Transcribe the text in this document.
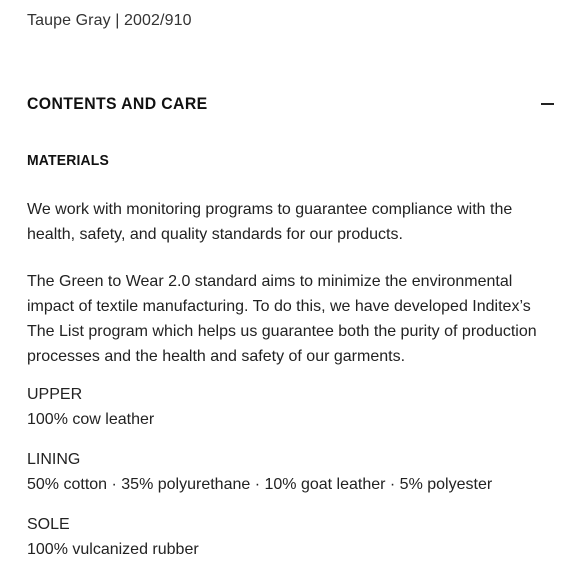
Taupe Gray | 2002/910
CONTENTS AND CARE
MATERIALS
We work with monitoring programs to guarantee compliance with the health, safety, and quality standards for our products.
The Green to Wear 2.0 standard aims to minimize the environmental impact of textile manufacturing. To do this, we have developed Inditex’s The List program which helps us guarantee both the purity of production processes and the health and safety of our garments.
UPPER
100% cow leather
LINING
50% cotton · 35% polyurethane · 10% goat leather · 5% polyester
SOLE
100% vulcanized rubber
